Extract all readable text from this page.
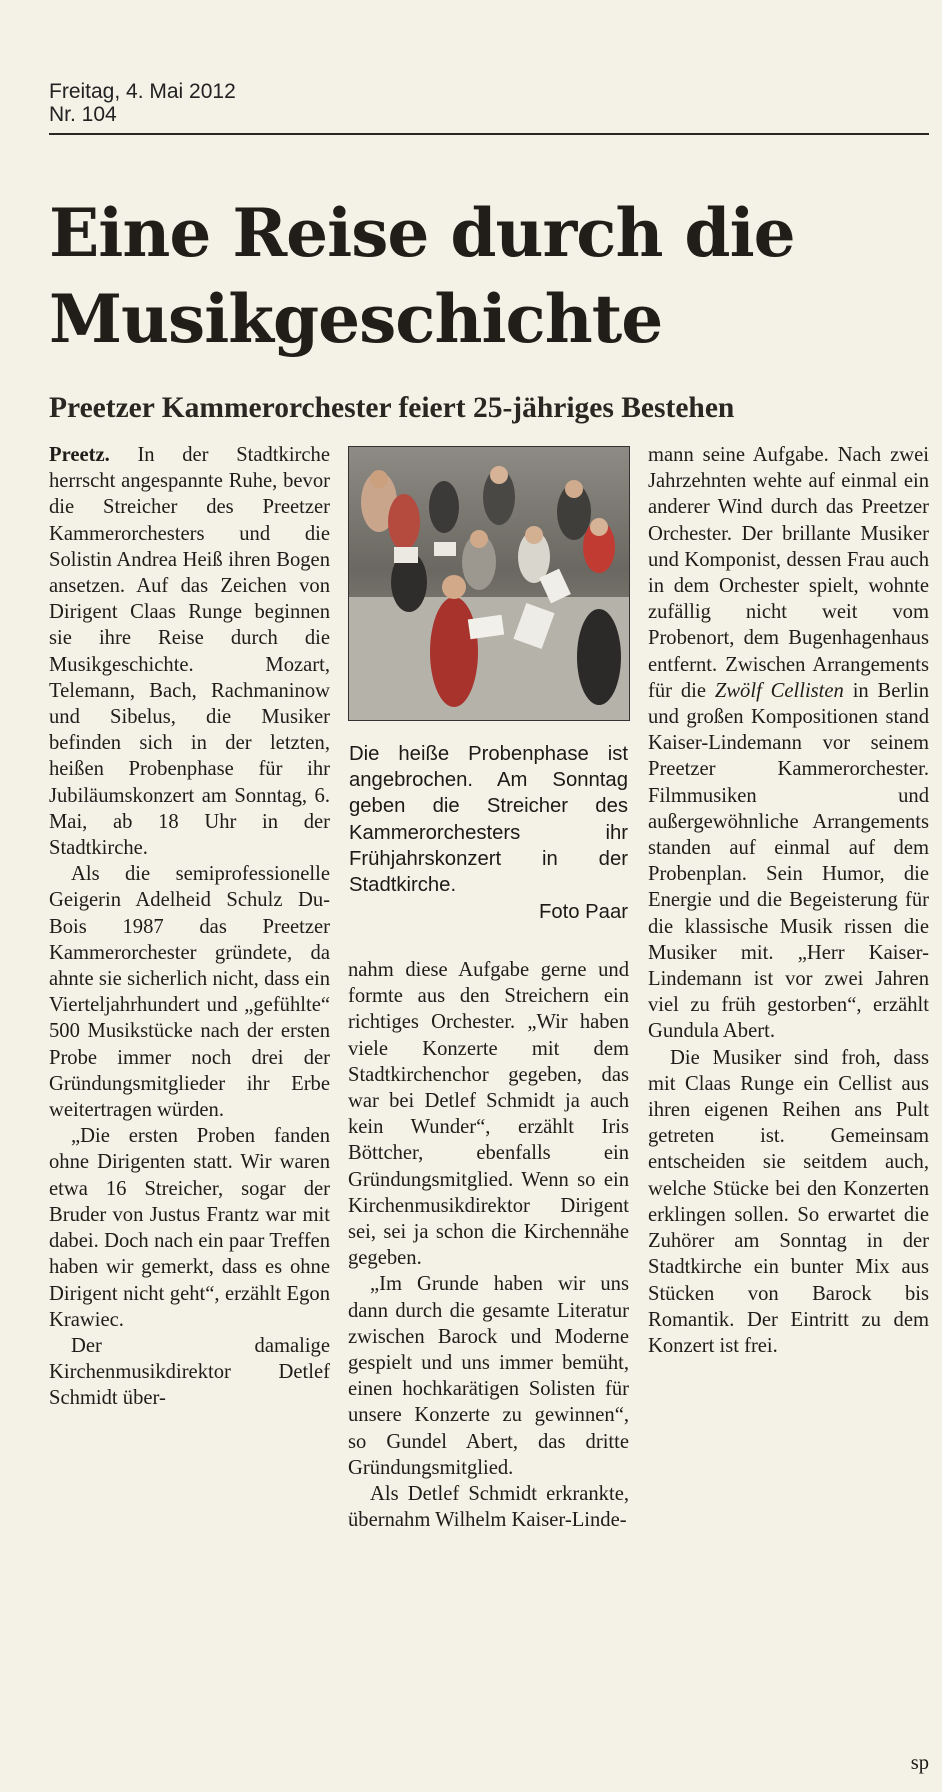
Freitag, 4. Mai 2012
Nr. 104
Eine Reise durch die Musikgeschichte
Preetzer Kammerorchester feiert 25-jähriges Bestehen

Preetz. In der Stadtkirche herrscht angespannte Ruhe, bevor die Streicher des Preetzer Kammerorchesters und die Solistin Andrea Heiß ihren Bogen ansetzen. Auf das Zeichen von Dirigent Claas Runge beginnen sie ihre Reise durch die Musikgeschichte. Mozart, Telemann, Bach, Rachmaninow und Sibelus, die Musiker befinden sich in der letzten, heißen Probenphase für ihr Jubiläumskonzert am Sonntag, 6. Mai, ab 18 Uhr in der Stadtkirche.

Als die semiprofessionelle Geigerin Adelheid Schulz Du-Bois 1987 das Preetzer Kammerorchester gründete, da ahnte sie sicherlich nicht, dass ein Vierteljahrhundert und „gefühlte“ 500 Musikstücke nach der ersten Probe immer noch drei der Gründungsmitglieder ihr Erbe weitertragen würden.

„Die ersten Proben fanden ohne Dirigenten statt. Wir waren etwa 16 Streicher, sogar der Bruder von Justus Frantz war mit dabei. Doch nach ein paar Treffen haben wir gemerkt, dass es ohne Dirigent nicht geht“, erzählt Egon Krawiec.

Der damalige Kirchenmusikdirektor Detlef Schmidt über-

Die heiße Probenphase ist angebrochen. Am Sonntag geben die Streicher des Kammerorchesters ihr Frühjahrskonzert in der Stadtkirche.
Foto Paar

nahm diese Aufgabe gerne und formte aus den Streichern ein richtiges Orchester. „Wir haben viele Konzerte mit dem Stadtkirchenchor gegeben, das war bei Detlef Schmidt ja auch kein Wunder“, erzählt Iris Böttcher, ebenfalls ein Gründungsmitglied. Wenn so ein Kirchenmusikdirektor Dirigent sei, sei ja schon die Kirchennähe gegeben.

„Im Grunde haben wir uns dann durch die gesamte Literatur zwischen Barock und Moderne gespielt und uns immer bemüht, einen hochkarätigen Solisten für unsere Konzerte zu gewinnen“, so Gundel Abert, das dritte Gründungsmitglied.

Als Detlef Schmidt erkrankte, übernahm Wilhelm Kaiser-Linde-

mann seine Aufgabe. Nach zwei Jahrzehnten wehte auf einmal ein anderer Wind durch das Preetzer Orchester. Der brillante Musiker und Komponist, dessen Frau auch in dem Orchester spielt, wohnte zufällig nicht weit vom Probenort, dem Bugenhagenhaus entfernt. Zwischen Arrangements für die Zwölf Cellisten in Berlin und großen Kompositionen stand Kaiser-Lindemann vor seinem Preetzer Kammerorchester. Filmmusiken und außergewöhnliche Arrangements standen auf einmal auf dem Probenplan. Sein Humor, die Energie und die Begeisterung für die klassische Musik rissen die Musiker mit. „Herr Kaiser-Lindemann ist vor zwei Jahren viel zu früh gestorben“, erzählt Gundula Abert.

Die Musiker sind froh, dass mit Claas Runge ein Cellist aus ihren eigenen Reihen ans Pult getreten ist. Gemeinsam entscheiden sie seitdem auch, welche Stücke bei den Konzerten erklingen sollen. So erwartet die Zuhörer am Sonntag in der Stadtkirche ein bunter Mix aus Stücken von Barock bis Romantik. Der Eintritt zu dem Konzert ist frei.

sp
